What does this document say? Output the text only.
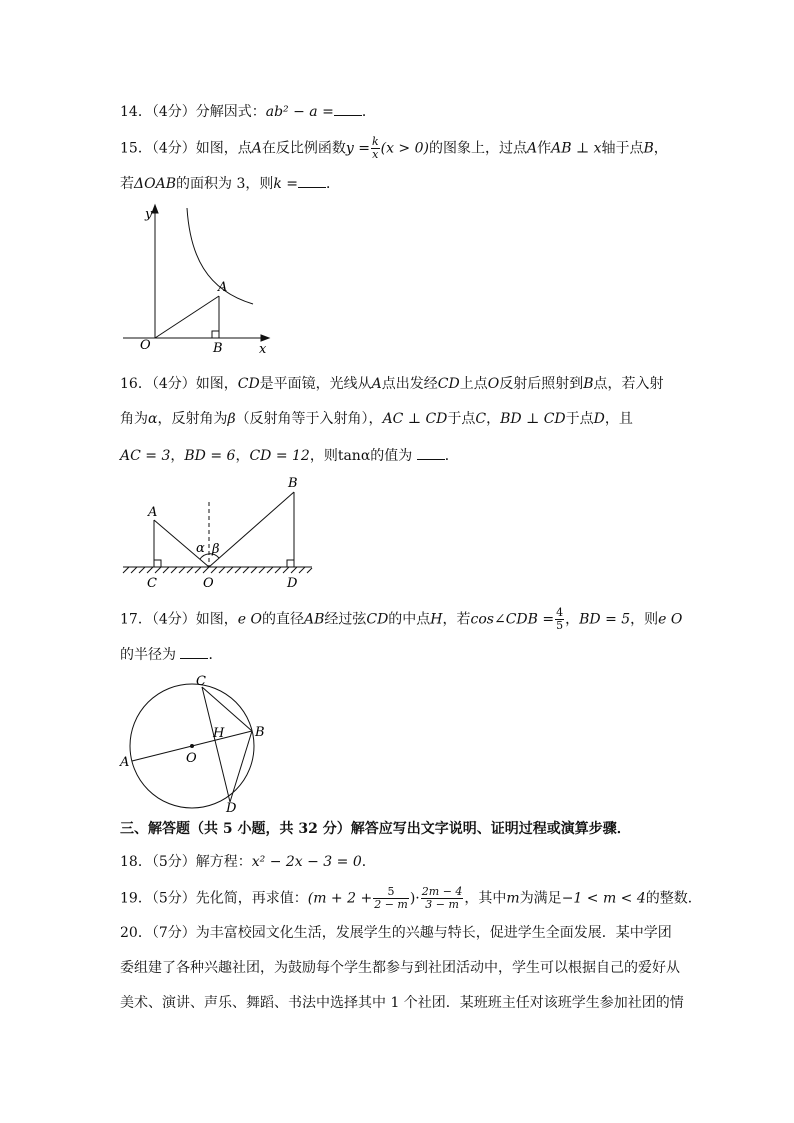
14．（4分）分解因式：ab² − a = ．
15．（4分）如图，点A在反比例函数$y = \frac{k}{x} (x > 0)$的图象上，过点A作AB ⊥ x轴于点B，
若ΔOAB的面积为 3，则k = ．
y
x
O
A
B
16．（4分）如图，CD是平面镜，光线从A点出发经CD上点O反射后照射到B点，若入射
角为α，反射角为β（反射角等于入射角），AC ⊥ CD于点C，BD ⊥ CD于点D，且
AC = 3，BD = 6，CD = 12，则tanα的值为 ．
A
B
C	O	D
α β
17．（4分）如图，e O的直径AB经过弦CD的中点H，若cos∠CDB = $\frac{4}{5}$ ，BD = 5，则e O
的半径为 ．
C
H B
A	O
D
三、解答题（共 5 小题，共 32 分）解答应写出文字说明、证明过程或演算步骤．
18．（5分）解方程：x² − 2x − 3 = 0．
19．（5分）先化简，再求值：($m + 2 + \frac{5}{2 - m}$ )· $\frac{2m - 4}{3 - m}$ ，其中m为满足−1 < m < 4的整数．
20．（7分）为丰富校园文化生活，发展学生的兴趣与特长，促进学生全面发展．某中学团
委组建了各种兴趣社团，为鼓励每个学生都参与到社团活动中，学生可以根据自己的爱好从
美术、演讲、声乐、舞蹈、书法中选择其中 1 个社团．某班班主任对该班学生参加社团的情
